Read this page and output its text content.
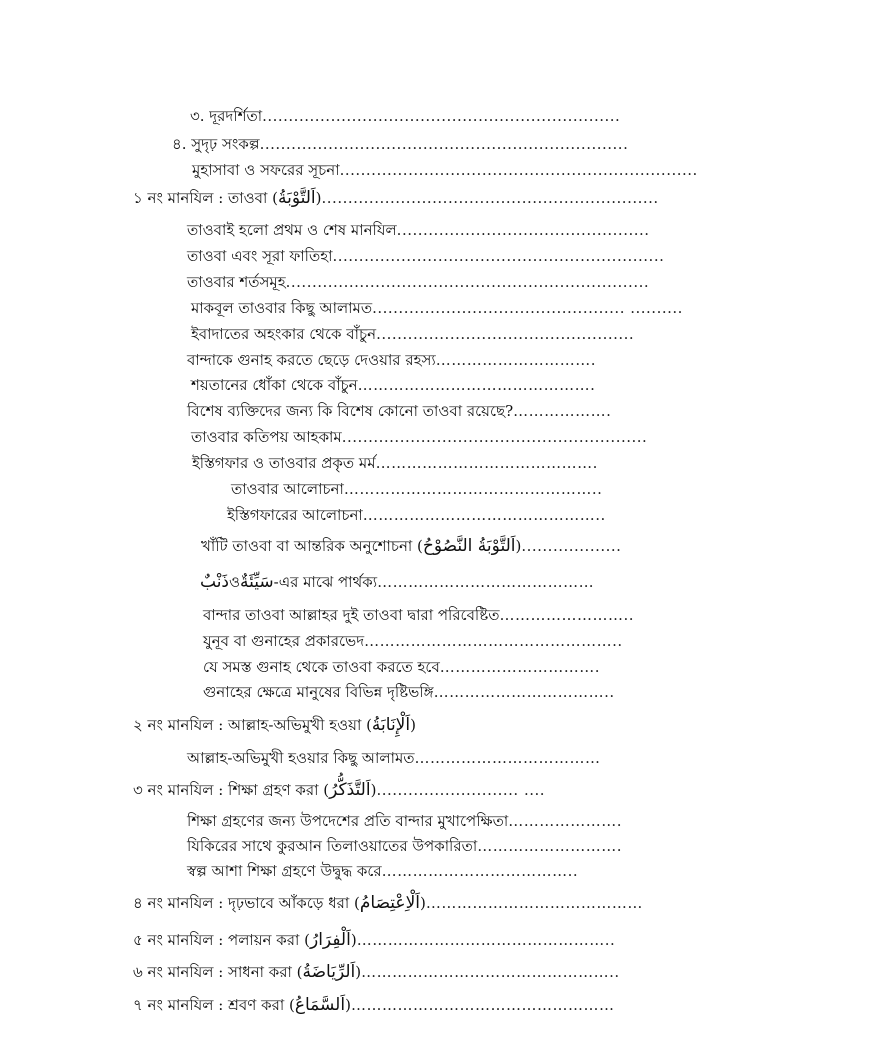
৩. দূরদর্শিতা ....................................................................
৪. সুদৃঢ় সংকল্প ......................................................................
মুহাসাবা ও সফরের সূচনা ....................................................................
১ নং মানযিল : তাওবা ( اَلتَّوْبَةُ ) ................................................................
তাওবাই হলো প্রথম ও শেষ মানযিল ................................................
তাওবা এবং সূরা ফাতিহা ...............................................................
তাওবার শর্তসমূহ .....................................................................
মাকবূল তাওবার কিছু আলামত ................................................ ..........
ইবাদাতের অহংকার থেকে বাঁচুন .................................................
বান্দাকে গুনাহ করতে ছেড়ে দেওয়ার রহস্য ………………………….
শয়তানের ধোঁকা থেকে বাঁচুন ……………………………………….
বিশেষ ব্যক্তিদের জন্য কি বিশেষ কোনো তাওবা রয়েছে? ……………….
তাওবার কতিপয় আহকাম ..........................................................
ইস্তিগফার ও তাওবার প্রকৃত মর্ম …………………………………….
তাওবার আলোচনা …………………………………………..
ইস্তিগফারের আলোচনা ………………………………………..
খাঁটি তাওবা বা আন্তরিক অনুশোচনা ( اَلتَّوْبَةُ النَّصُوْحُ ) ...................
ذَنْبٌ ও سَيِّئَةٌ -এর মাঝে পার্থক্য ……………………………………
বান্দার তাওবা আল্লাহর দুই তাওবা দ্বারা পরিবেষ্টিত ……………………..
যুনূব বা গুনাহের প্রকারভেদ …………………………………………..
যে সমস্ত গুনাহ থেকে তাওবা করতে হবে ………………………….
গুনাহের ক্ষেত্রে মানুষের বিভিন্ন দৃষ্টিভঙ্গি ……………………………..
২ নং মানযিল : আল্লাহ-অভিমুখী হওয়া ( اَلْإِنَابَةُ )
আল্লাহ-অভিমুখী হওয়ার কিছু আলামত ………………………………
৩ নং মানযিল : শিক্ষা গ্রহণ করা ( اَلتَّذَكُّرُ ) ........................... ....
শিক্ষা গ্রহণের জন্য উপদেশের প্রতি বান্দার মুখাপেক্ষিতা ………………….
যিকিরের সাথে কুরআন তিলাওয়াতের উপকারিতা ……………………….
স্বল্প আশা শিক্ষা গ্রহণে উদ্বুদ্ধ করে ………………………………..
৪ নং মানযিল : দৃঢ়ভাবে আঁকড়ে ধরা ( اَلْاِعْتِصَامُ ) ……………………………………
৫ নং মানযিল : পলায়ন করা ( اَلْفِرَارُ ) …………………………………………..
৬ নং মানযিল : সাধনা করা ( اَلرِّيَاضَةُ ) …………………………………………..
৭ নং মানযিল : শ্রবণ করা ( اَلسَّمَاعُ ) ……………………………………………
